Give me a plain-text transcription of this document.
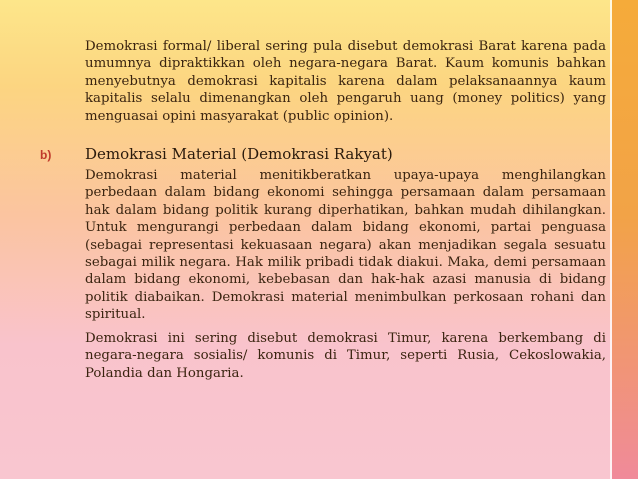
Demokrasi formal/ liberal sering pula disebut demokrasi Barat karena pada umumnya dipraktikkan oleh negara-negara Barat. Kaum komunis bahkan menyebutnya demokrasi kapitalis karena dalam pelaksanaannya kaum kapitalis selalu dimenangkan oleh pengaruh uang (money politics) yang menguasai opini masyarakat (public opinion).

b)	Demokrasi Material (Demokrasi Rakyat)

Demokrasi material menitikberatkan upaya-upaya menghilangkan perbedaan dalam bidang ekonomi sehingga persamaan dalam persamaan hak dalam bidang politik kurang diperhatikan, bahkan mudah dihilangkan. Untuk mengurangi perbedaan dalam bidang ekonomi, partai penguasa (sebagai representasi kekuasaan negara) akan menjadikan segala sesuatu sebagai milik negara. Hak milik pribadi tidak diakui. Maka, demi persamaan dalam bidang ekonomi, kebebasan dan hak-hak azasi manusia di bidang politik diabaikan. Demokrasi material menimbulkan perkosaan rohani dan spiritual.

Demokrasi ini sering disebut demokrasi Timur, karena berkembang di negara-negara sosialis/ komunis di Timur, seperti Rusia, Cekoslowakia, Polandia dan Hongaria.
